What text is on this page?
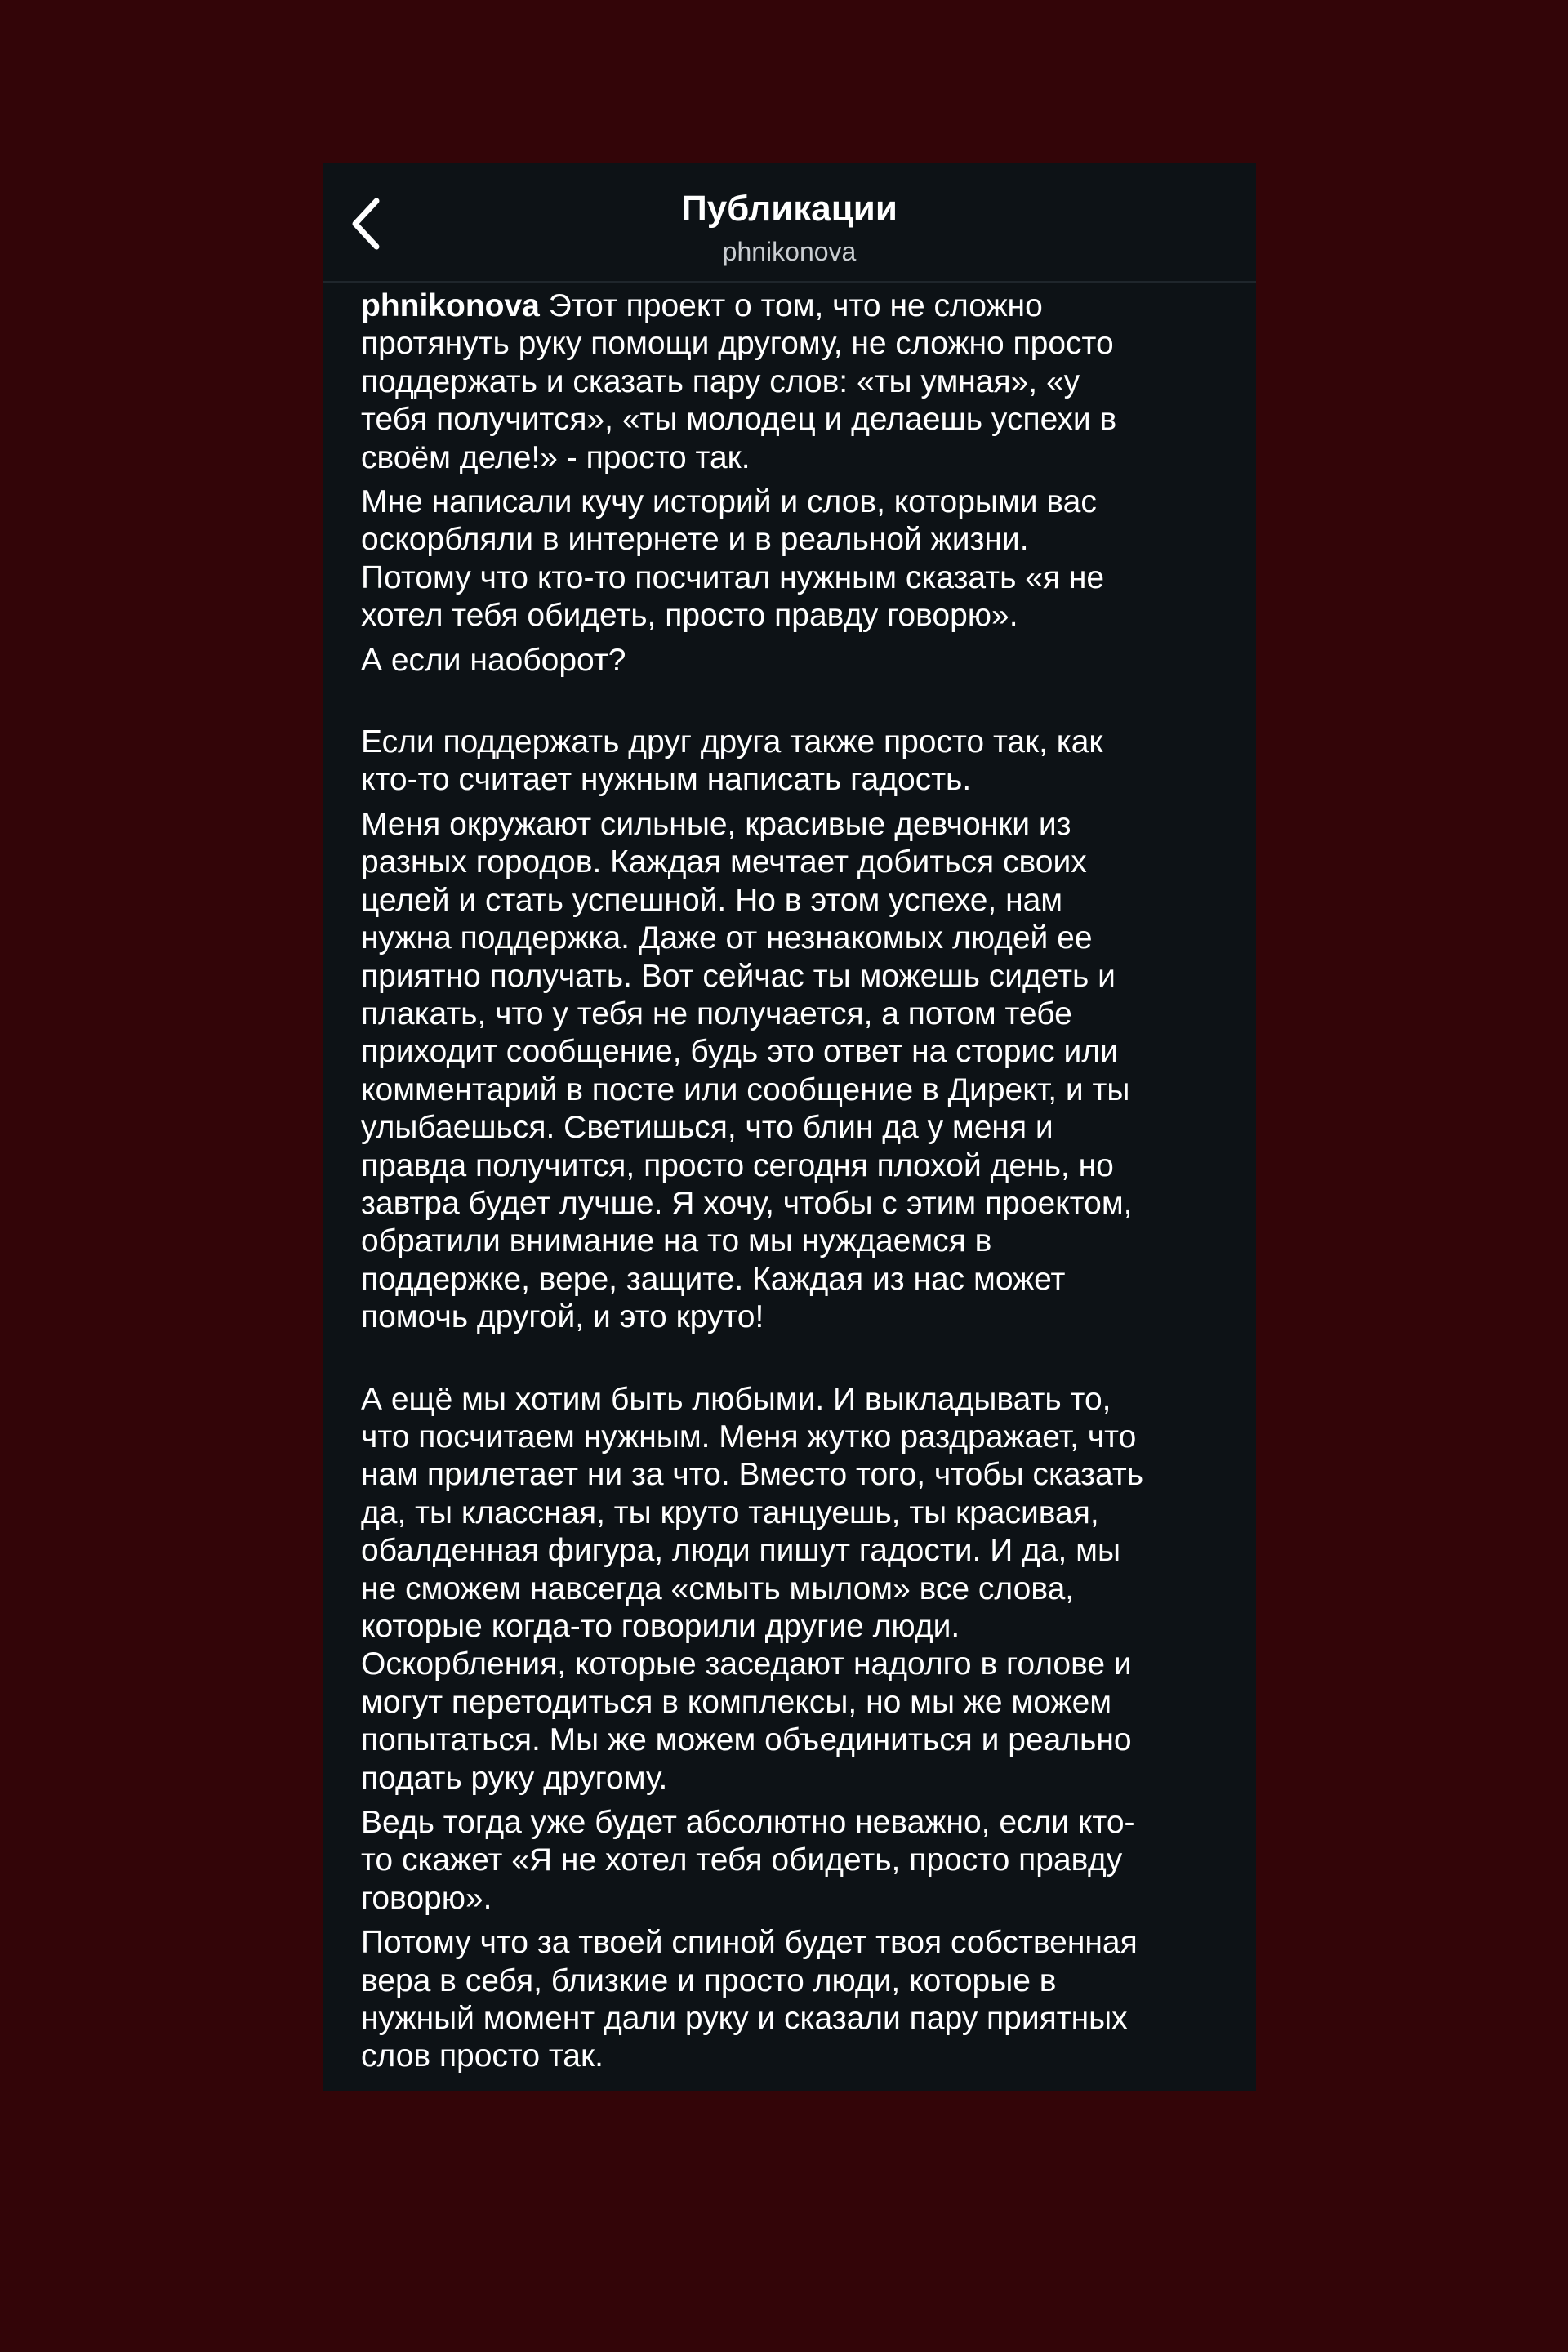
Публикации
phnikonova

phnikonova Этот проект о том, что не сложно
протянуть руку помощи другому, не сложно просто
поддержать и сказать пару слов: «ты умная», «у
тебя получится», «ты молодец и делаешь успехи в
своём деле!» - просто так.

Мне написали кучу историй и слов, которыми вас
оскорбляли в интернете и в реальной жизни.
Потому что кто-то посчитал нужным сказать «я не
хотел тебя обидеть, просто правду говорю».

А если наоборот?

Если поддержать друг друга также просто так, как
кто-то считает нужным написать гадость.

Меня окружают сильные, красивые девчонки из
разных городов. Каждая мечтает добиться своих
целей и стать успешной. Но в этом успехе, нам
нужна поддержка. Даже от незнакомых людей ее
приятно получать. Вот сейчас ты можешь сидеть и
плакать, что у тебя не получается, а потом тебе
приходит сообщение, будь это ответ на сторис или
комментарий в посте или сообщение в Директ, и ты
улыбаешься. Светишься, что блин да у меня и
правда получится, просто сегодня плохой день, но
завтра будет лучше. Я хочу, чтобы с этим проектом,
обратили внимание на то мы нуждаемся в
поддержке, вере, защите. Каждая из нас может
помочь другой, и это круто!

А ещё мы хотим быть любыми. И выкладывать то,
что посчитаем нужным. Меня жутко раздражает, что
нам прилетает ни за что. Вместо того, чтобы сказать
да, ты классная, ты круто танцуешь, ты красивая,
обалденная фигура, люди пишут гадости. И да, мы
не сможем навсегда «смыть мылом» все слова,
которые когда-то говорили другие люди.
Оскорбления, которые заседают надолго в голове и
могут перетодиться в комплексы, но мы же можем
попытаться. Мы же можем объединиться и реально
подать руку другому.

Ведь тогда уже будет абсолютно неважно, если кто-
то скажет «Я не хотел тебя обидеть, просто правду
говорю».

Потому что за твоей спиной будет твоя собственная
вера в себя, близкие и просто люди, которые в
нужный момент дали руку и сказали пару приятных
слов просто так.
